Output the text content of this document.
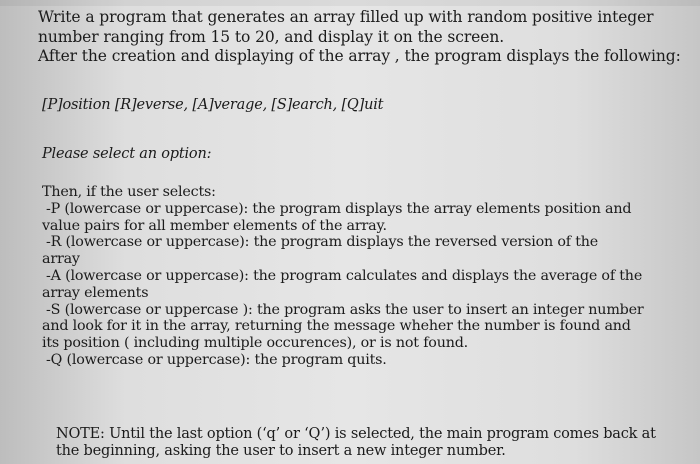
Write a program that generates an array filled up with random positive integer
number ranging from 15 to 20, and display it on the screen.
After the creation and displaying of the array , the program displays the following:

[P]osition [R]everse, [A]verage, [S]earch, [Q]uit

Please select an option:

Then, if the user selects:
-P (lowercase or uppercase): the program displays the array elements position and
value pairs for all member elements of the array.
-R (lowercase or uppercase): the program displays the reversed version of the
array
-A (lowercase or uppercase): the program calculates and displays the average of the
array elements
-S (lowercase or uppercase ): the program asks the user to insert an integer number
and look for it in the array, returning the message wheher the number is found and
its position ( including multiple occurences), or is not found.
-Q (lowercase or uppercase): the program quits.

NOTE: Until the last option (‘q’ or ‘Q’) is selected, the main program comes back at
the beginning, asking the user to insert a new integer number.
